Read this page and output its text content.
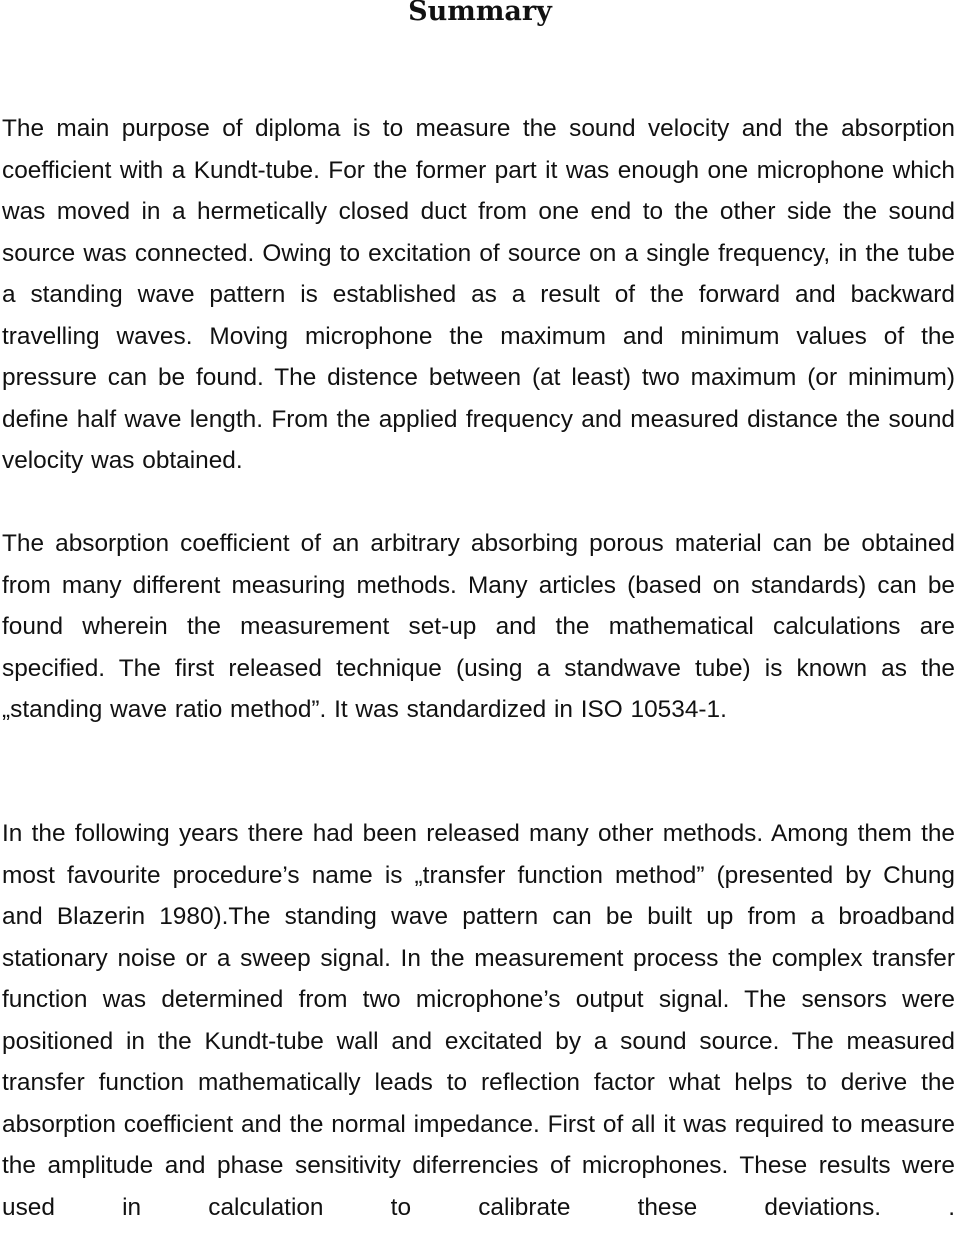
Summary

The main purpose of diploma is to measure the sound velocity and the absorption coefficient with a Kundt-tube. For the former part it was enough one microphone which was moved in a hermetically closed duct from one end to the other side the sound source was connected. Owing to excitation of source on a single frequency, in the tube a standing wave pattern is established as a result of the forward and backward travelling waves. Moving microphone the maximum and minimum values of the pressure can be found. The distence between (at least) two maximum (or minimum) define half wave length. From the applied frequency and measured distance the sound velocity was obtained.

The absorption coefficient of an arbitrary absorbing porous material can be obtained from many different measuring methods. Many articles (based on standards) can be found wherein the measurement set-up and the mathematical calculations are specified. The first released technique (using a standwave tube) is known as the „standing wave ratio method”. It was standardized in ISO 10534-1.

In the following years there had been released many other methods. Among them the most favourite procedure’s name is „transfer function method” (presented by Chung and Blazerin 1980).The standing wave pattern can be built up from a broadband stationary noise or a sweep signal. In the measurement process the complex transfer function was determined from two microphone’s output signal. The sensors were positioned in the Kundt-tube wall and excitated by a sound source. The measured transfer function mathematically leads to reflection factor what helps to derive the absorption coefficient and the normal impedance. First of all it was required to measure the amplitude and phase sensitivity diferrencies of microphones. These results were used in calculation to calibrate these deviations. .
